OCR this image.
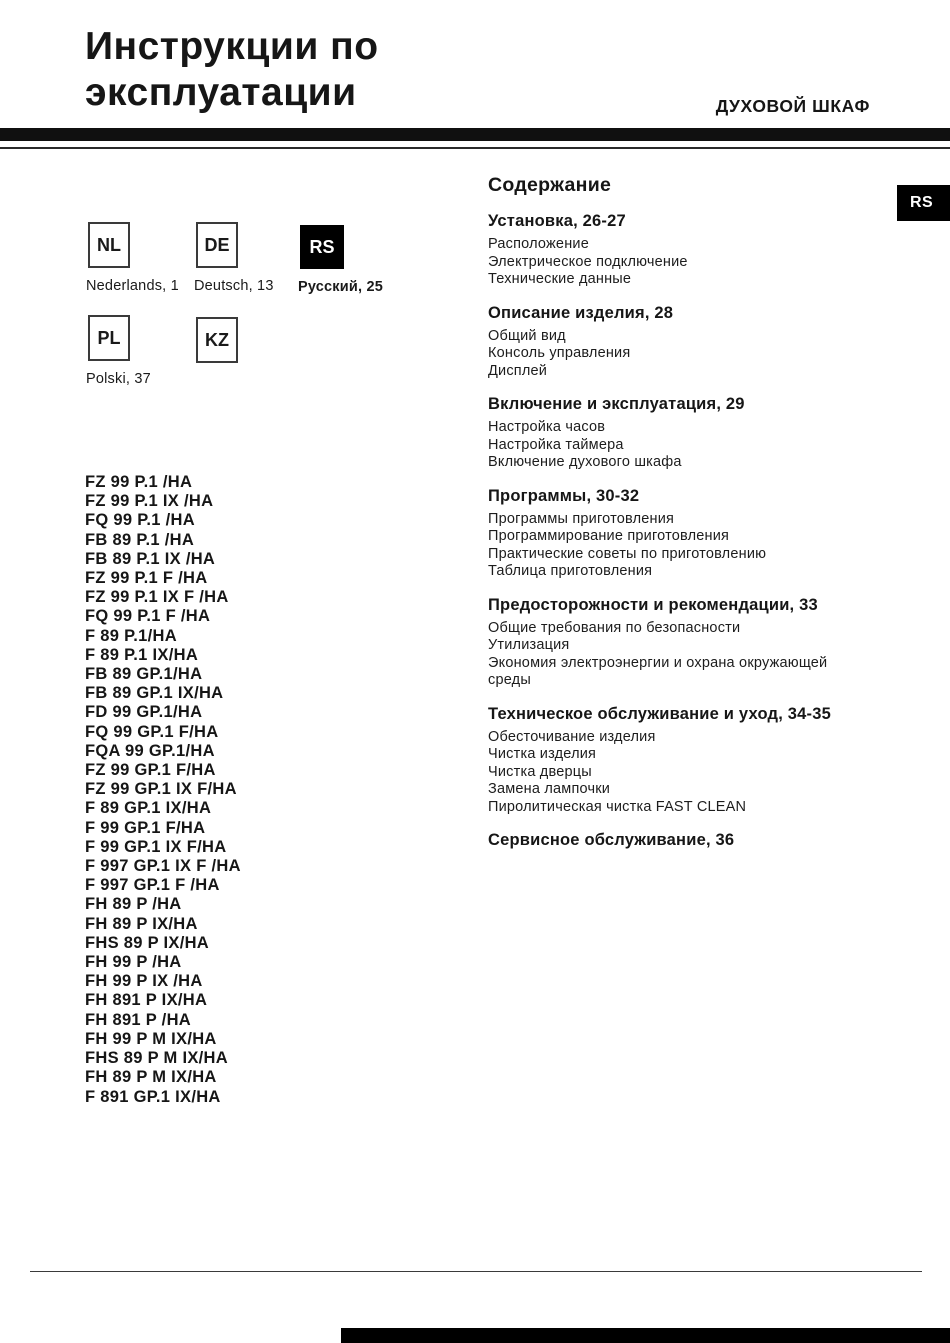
Инструкции по эксплуатации	ДУХОВОЙ ШКАФ
RS
NL
Nederlands, 1
DE
Deutsch, 13
RS
Русский, 25
PL
Polski, 37
KZ
FZ 99 P.1 /HA
FZ 99 P.1 IX /HA
FQ 99 P.1 /HA
FB 89 P.1 /HA
FB 89 P.1 IX /HA
FZ 99 P.1 F /HA
FZ 99 P.1 IX F /HA
FQ 99 P.1 F /HA
F 89 P.1/HA
F 89 P.1 IX/HA
FB 89 GP.1/HA
FB 89 GP.1 IX/HA
FD 99 GP.1/HA
FQ 99 GP.1 F/HA
FQA 99 GP.1/HA
FZ 99 GP.1 F/HA
FZ 99 GP.1 IX F/HA
F 89 GP.1 IX/HA
F 99 GP.1 F/HA
F 99 GP.1 IX F/HA
F 997 GP.1 IX F /HA
F 997 GP.1 F /HA
FH 89 P /HA
FH 89 P IX/HA
FHS 89 P IX/HA
FH 99 P /HA
FH 99 P IX /HA
FH 891 P IX/HA
FH 891 P /HA
FH 99 P M IX/HA
FHS 89 P M IX/HA
FH 89 P M IX/HA
F 891 GP.1 IX/HA
Содержание
Установка, 26-27
Расположение
Электрическое подключение
Технические данные
Описание изделия, 28
Общий вид
Консоль управления
Дисплей
Включение и эксплуатация, 29
Настройка часов
Настройка таймера
Включение духового шкафа
Программы, 30-32
Программы приготовления
Программирование приготовления
Практические советы по приготовлению
Таблица приготовления
Предосторожности и рекомендации, 33
Общие требования по безопасности
Утилизация
Экономия электроэнергии и охрана окружающей среды
Техническое обслуживание и уход, 34-35
Обесточивание изделия
Чистка изделия
Чистка дверцы
Замена лампочки
Пиролитическая чистка FAST CLEAN
Сервисное обслуживание, 36
